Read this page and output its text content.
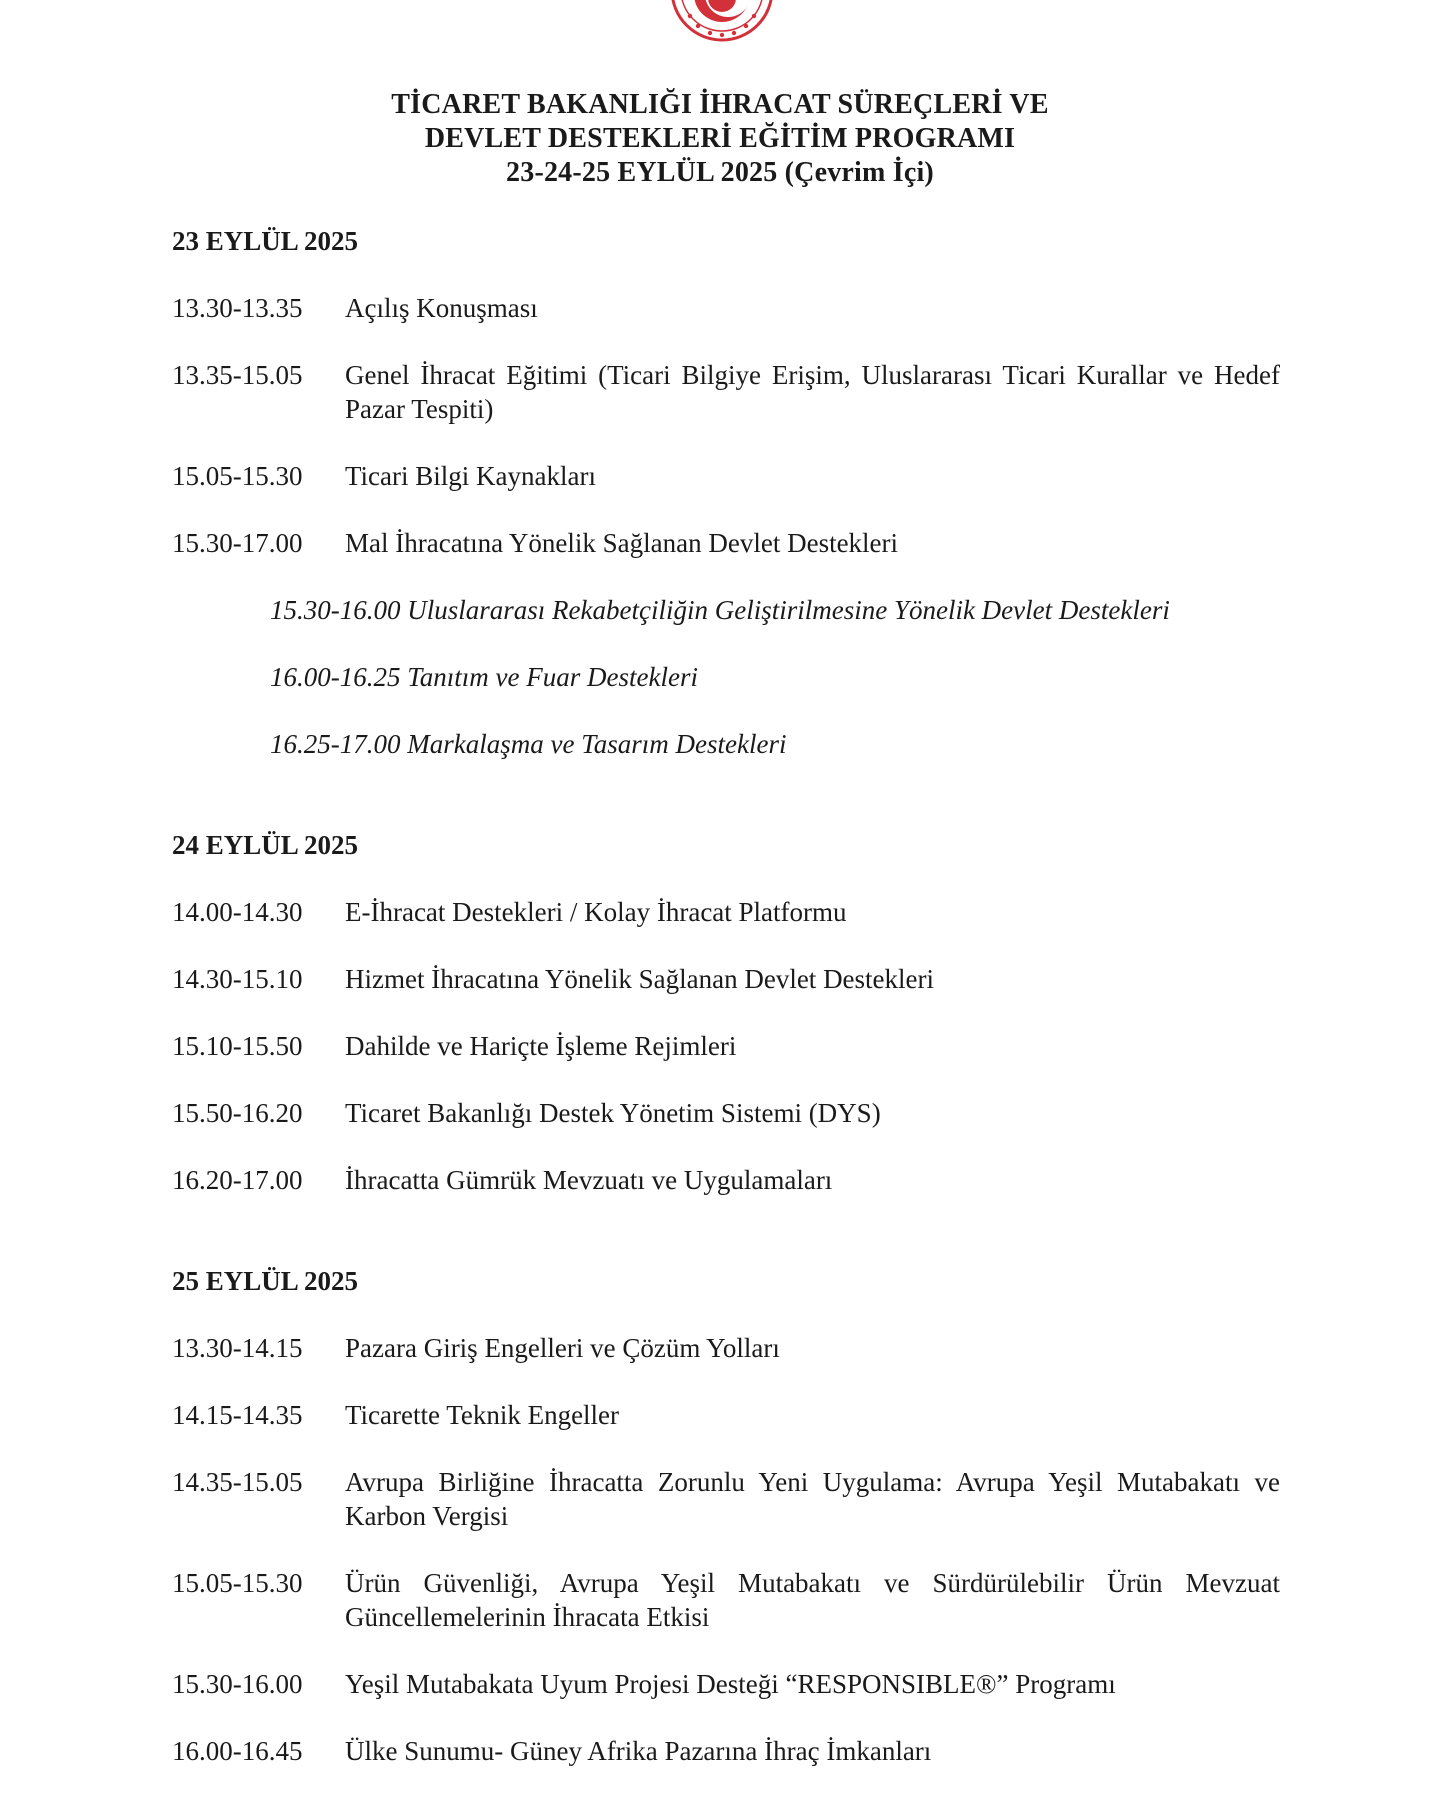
TİCARET BAKANLIĞI İHRACAT SÜREÇLERİ VE
DEVLET DESTEKLERİ EĞİTİM PROGRAMI
23-24-25 EYLÜL 2025 (Çevrim İçi)
23 EYLÜL 2025
13.30-13.35	Açılış Konuşması
13.35-15.05	Genel İhracat Eğitimi (Ticari Bilgiye Erişim, Uluslararası Ticari Kurallar ve Hedef Pazar Tespiti)
15.05-15.30	Ticari Bilgi Kaynakları
15.30-17.00	Mal İhracatına Yönelik Sağlanan Devlet Destekleri
15.30-16.00 Uluslararası Rekabetçiliğin Geliştirilmesine Yönelik Devlet Destekleri
16.00-16.25 Tanıtım ve Fuar Destekleri
16.25-17.00 Markalaşma ve Tasarım Destekleri
24 EYLÜL 2025
14.00-14.30	E-İhracat Destekleri / Kolay İhracat Platformu
14.30-15.10	Hizmet İhracatına Yönelik Sağlanan Devlet Destekleri
15.10-15.50	Dahilde ve Hariçte İşleme Rejimleri
15.50-16.20	Ticaret Bakanlığı Destek Yönetim Sistemi (DYS)
16.20-17.00	İhracatta Gümrük Mevzuatı ve Uygulamaları
25 EYLÜL 2025
13.30-14.15	Pazara Giriş Engelleri ve Çözüm Yolları
14.15-14.35	Ticarette Teknik Engeller
14.35-15.05	Avrupa Birliğine İhracatta Zorunlu Yeni Uygulama: Avrupa Yeşil Mutabakatı ve Karbon Vergisi
15.05-15.30	Ürün Güvenliği, Avrupa Yeşil Mutabakatı ve Sürdürülebilir Ürün Mevzuat Güncellemelerinin İhracata Etkisi
15.30-16.00	Yeşil Mutabakata Uyum Projesi Desteği “RESPONSIBLE®” Programı
16.00-16.45	Ülke Sunumu- Güney Afrika Pazarına İhraç İmkanları
